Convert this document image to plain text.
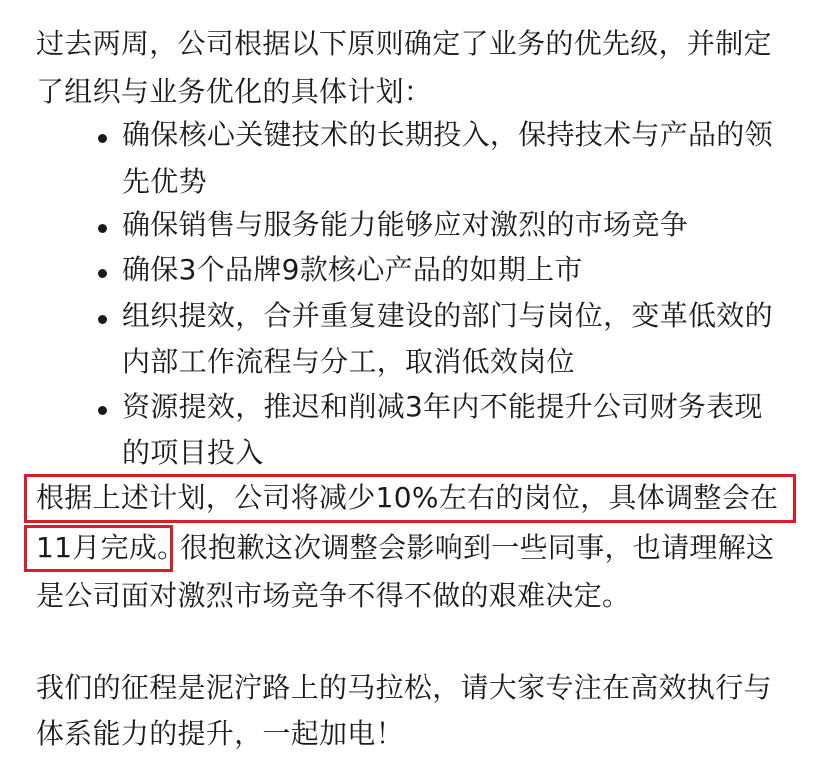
过去两周，公司根据以下原则确定了业务的优先级，并制定
了组织与业务优化的具体计划：
确保核心关键技术的长期投入，保持技术与产品的领
先优势
确保销售与服务能力能够应对激烈的市场竞争
确保3个品牌9款核心产品的如期上市
组织提效，合并重复建设的部门与岗位，变革低效的
内部工作流程与分工，取消低效岗位
资源提效，推迟和削减3年内不能提升公司财务表现
的项目投入
根据上述计划，公司将减少10%左右的岗位，具体调整会在
11月完成。
很抱歉这次调整会影响到一些同事，也请理解这
是公司面对激烈市场竞争不得不做的艰难决定。
我们的征程是泥泞路上的马拉松，请大家专注在高效执行与
体系能力的提升，一起加电！
